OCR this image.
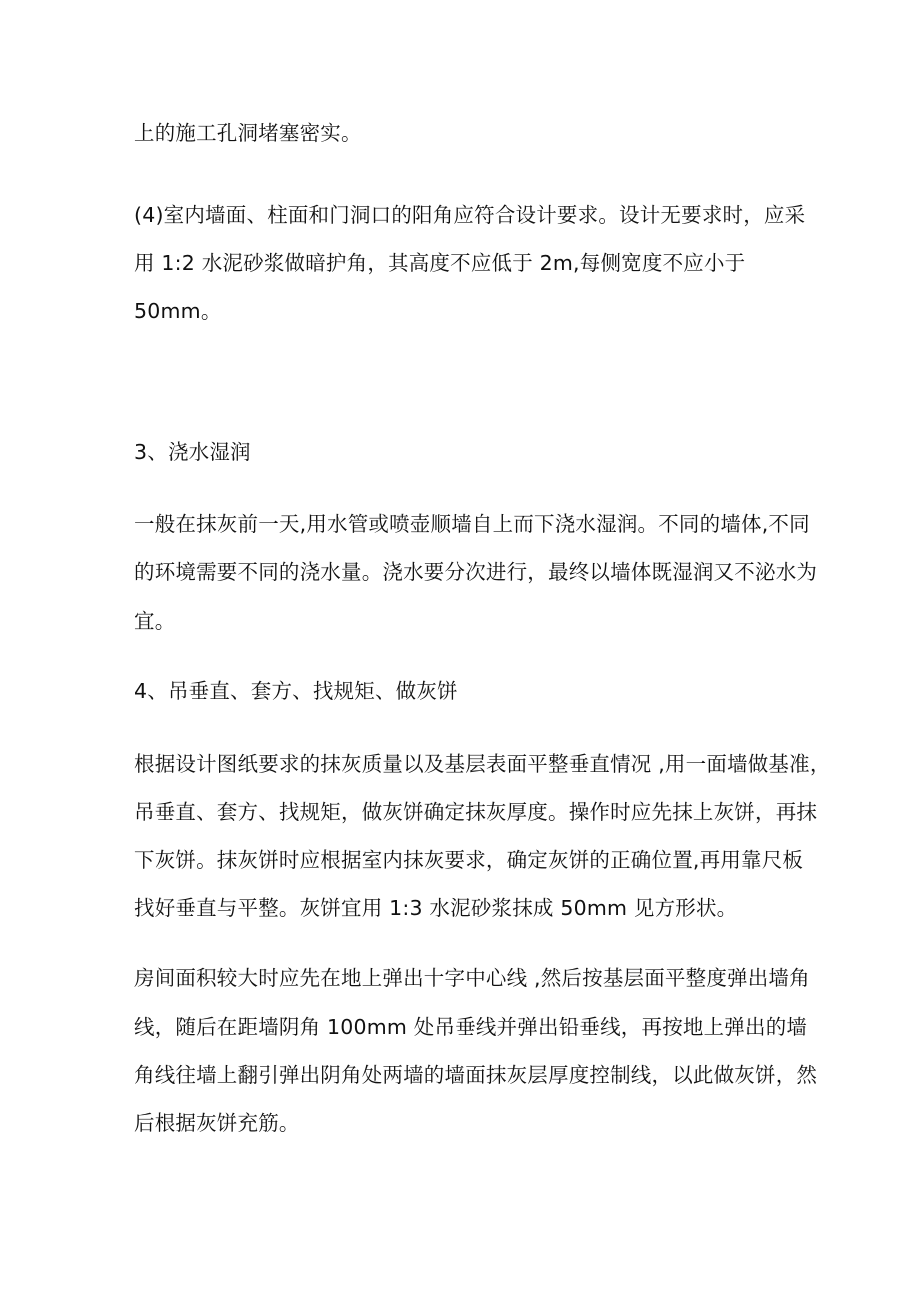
上的施工孔洞堵塞密实。
(4)室内墙面、柱面和门洞口的阳角应符合设计要求。设计无要求时，应采
用 1:2 水泥砂浆做暗护角，其高度不应低于 2m,每侧宽度不应小于
50mm。
3、浇水湿润
一般在抹灰前一天,用水管或喷壶顺墙自上而下浇水湿润。不同的墙体,不同
的环境需要不同的浇水量。浇水要分次进行，最终以墙体既湿润又不泌水为
宜。
4、吊垂直、套方、找规矩、做灰饼
根据设计图纸要求的抹灰质量以及基层表面平整垂直情况 ,用一面墙做基准，
吊垂直、套方、找规矩，做灰饼确定抹灰厚度。操作时应先抹上灰饼，再抹
下灰饼。抹灰饼时应根据室内抹灰要求，确定灰饼的正确位置,再用靠尺板
找好垂直与平整。灰饼宜用 1:3 水泥砂浆抹成 50mm 见方形状。
房间面积较大时应先在地上弹出十字中心线 ,然后按基层面平整度弹出墙角
线，随后在距墙阴角 100mm 处吊垂线并弹出铅垂线，再按地上弹出的墙
角线往墙上翻引弹出阴角处两墙的墙面抹灰层厚度控制线，以此做灰饼，然
后根据灰饼充筋。
